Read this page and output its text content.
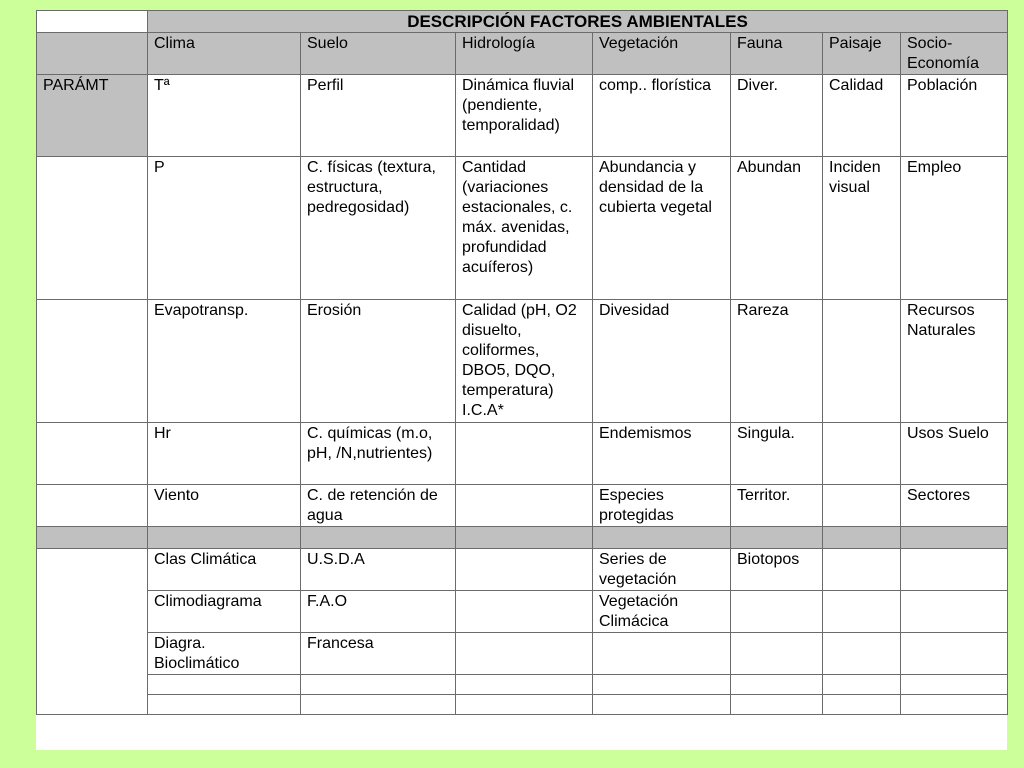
	DESCRIPCIÓN FACTORES AMBIENTALES						
	Clima	Suelo	Hidrología	Vegetación	Fauna	Paisaje	Socio-
Economía
PARÁMT	Tª	Perfil	Dinámica fluvial (pendiente, temporalidad)	comp.. florística	Diver.	Calidad	Población
	P	C. físicas (textura, estructura, pedregosidad)	Cantidad (variaciones estacionales, c. máx. avenidas, profundidad acuíferos)	Abundancia y densidad de la cubierta vegetal	Abundan	Inciden visual	Empleo
	Evapotransp.	Erosión	Calidad (pH, O2 disuelto, coliformes, DBO5, DQO, temperatura) I.C.A*	Divesidad	Rareza		Recursos Naturales
	Hr	C. químicas (m.o, pH, /N,nutrientes)		Endemismos	Singula.		Usos Suelo
	Viento	C. de retención de agua		Especies protegidas	Territor.		Sectores

	Clas Climática	U.S.D.A		Series de vegetación	Biotopos		
	Climodiagrama	F.A.O		Vegetación Climácica			
	Diagra. Bioclimático	Francesa					
